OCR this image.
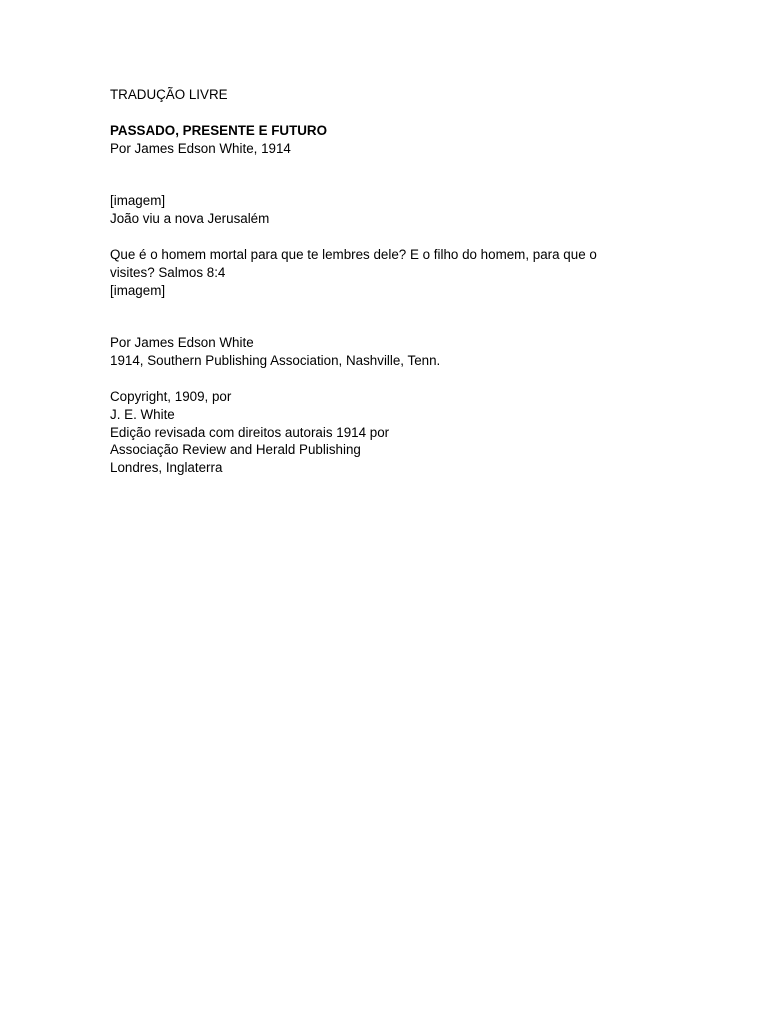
TRADUÇÃO LIVRE
PASSADO, PRESENTE E FUTURO
Por James Edson White, 1914
[imagem]
João viu a nova Jerusalém
Que é o homem mortal para que te lembres dele? E o filho do homem, para que o
visites? Salmos 8:4
[imagem]
Por James Edson White
1914, Southern Publishing Association, Nashville, Tenn.
Copyright, 1909, por
J. E. White
Edição revisada com direitos autorais 1914 por
Associação Review and Herald Publishing
Londres, Inglaterra
